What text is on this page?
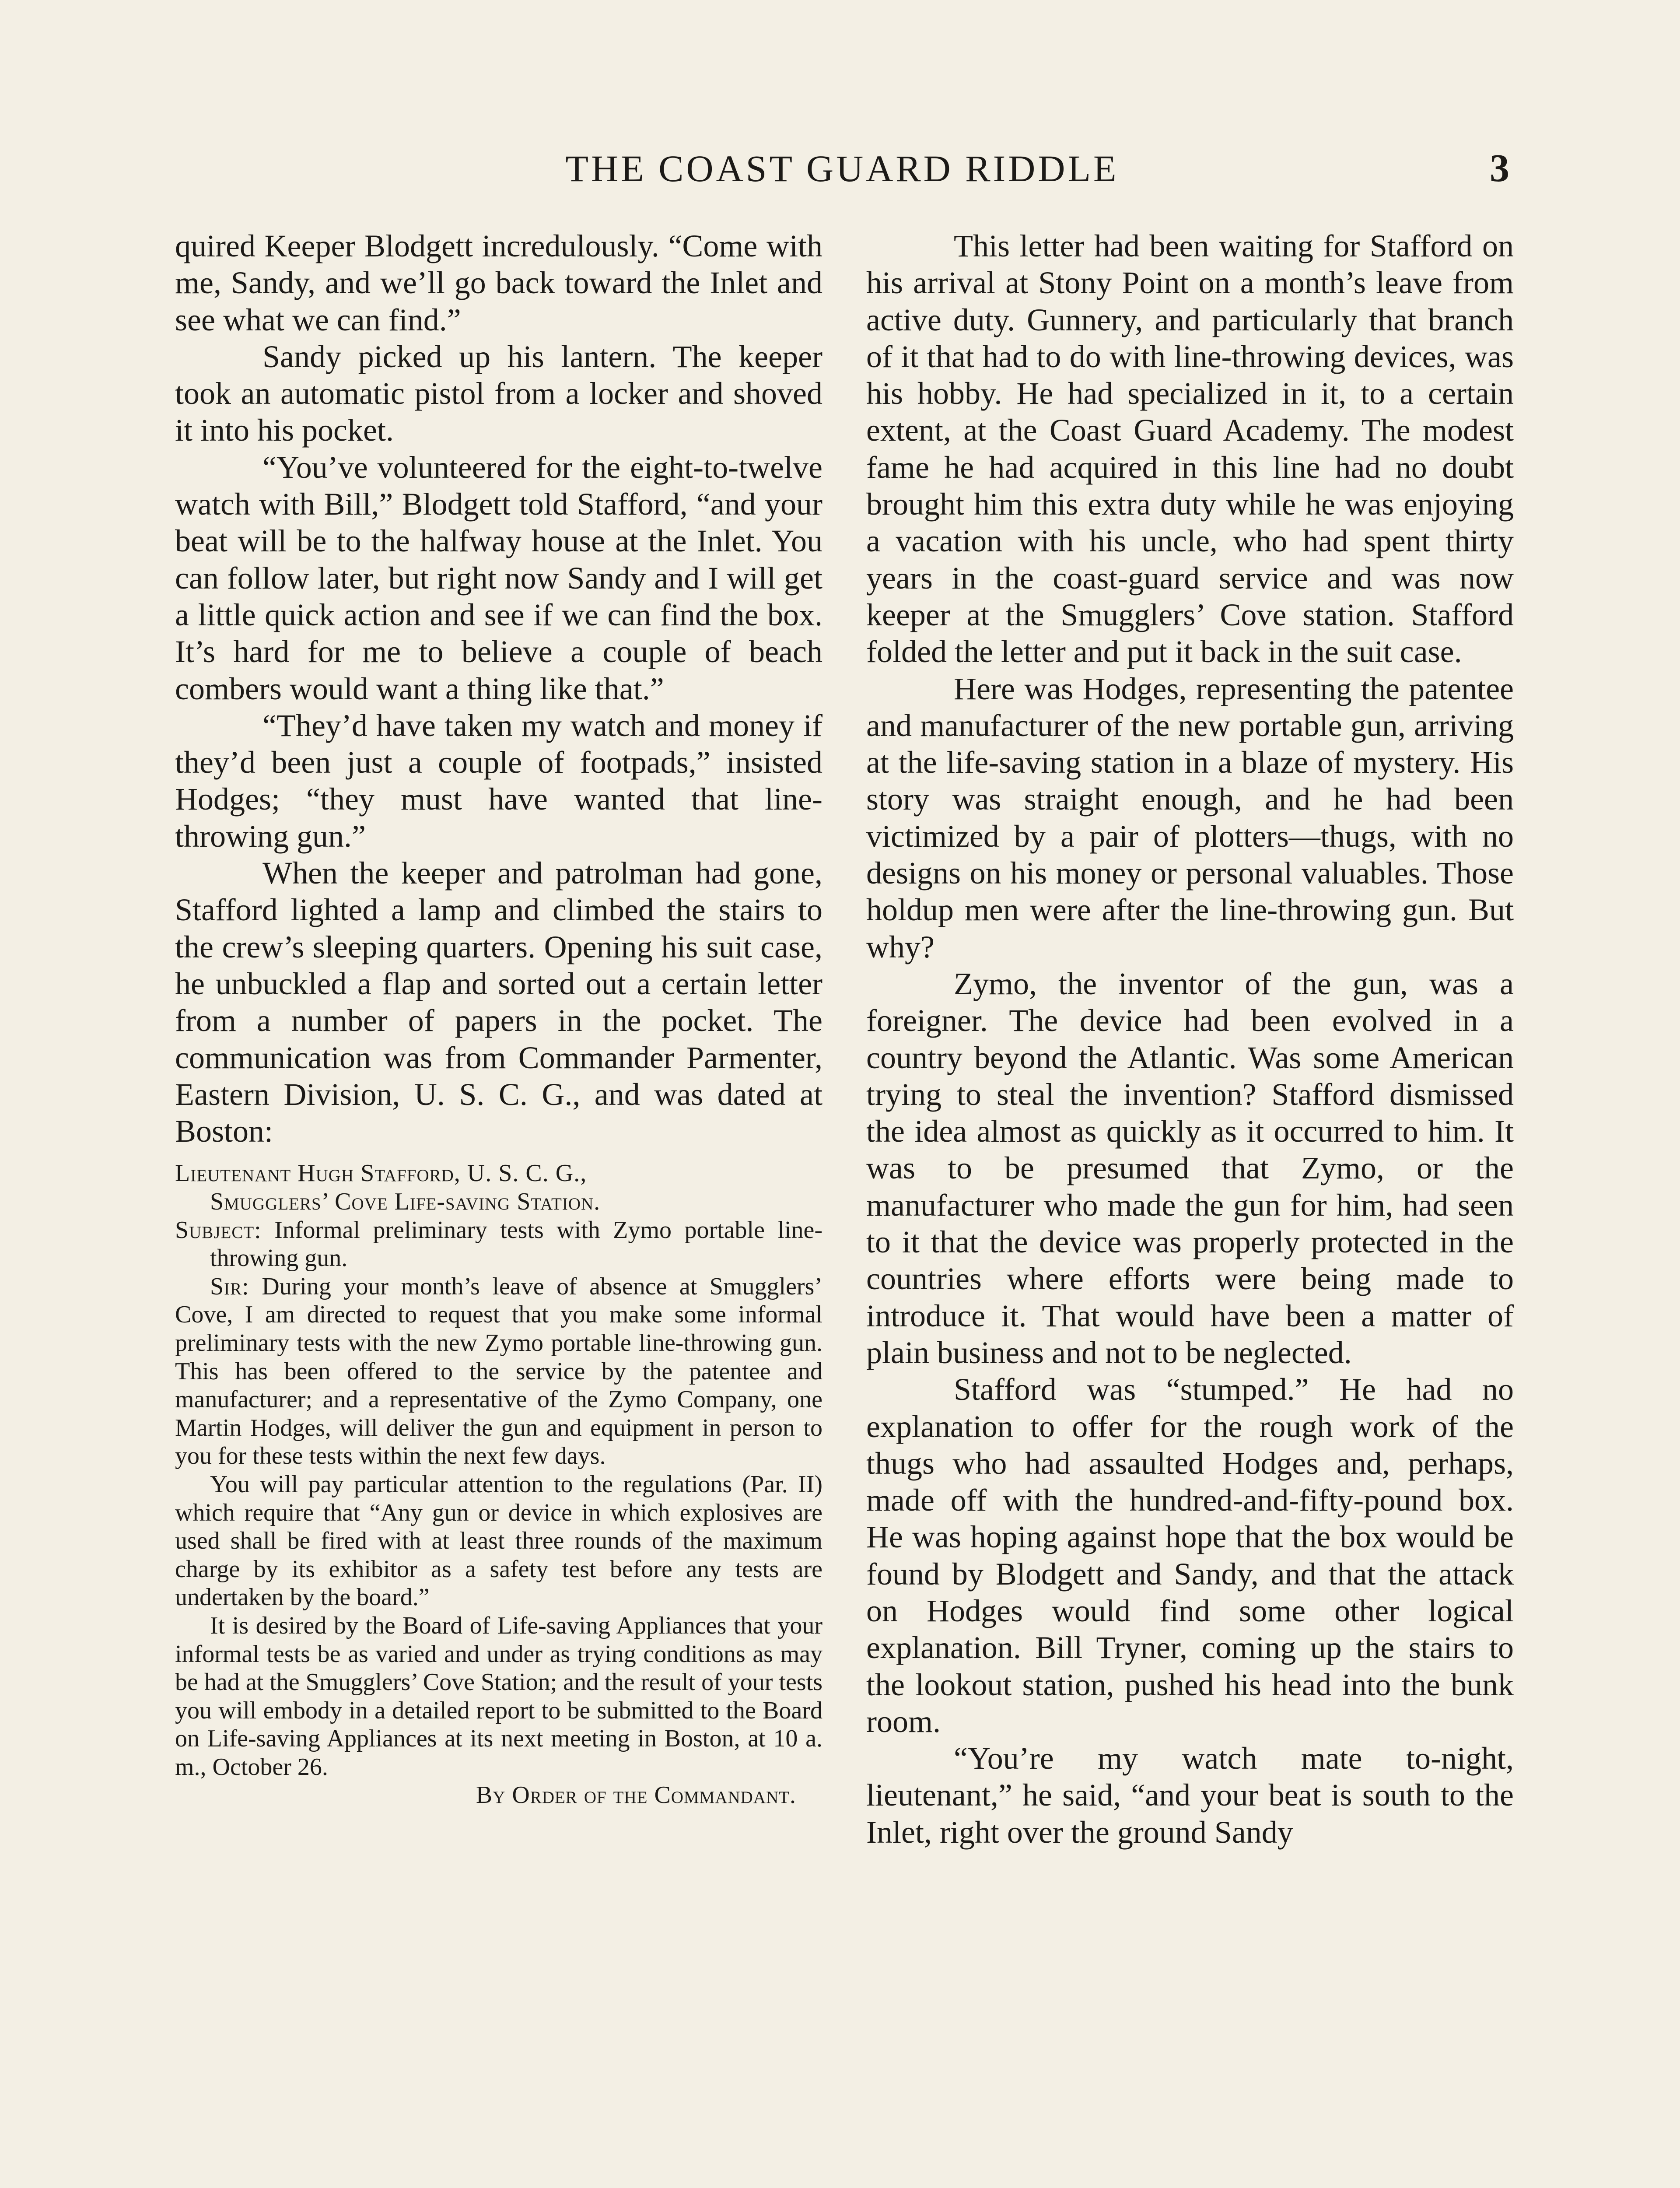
THE COAST GUARD RIDDLE	3

quired Keeper Blodgett incredulously. “Come with me, Sandy, and we’ll go back toward the Inlet and see what we can find.”

Sandy picked up his lantern. The keeper took an automatic pistol from a locker and shoved it into his pocket.

“You’ve volunteered for the eight-to-twelve watch with Bill,” Blodgett told Stafford, “and your beat will be to the halfway house at the Inlet. You can follow later, but right now Sandy and I will get a little quick action and see if we can find the box. It’s hard for me to believe a couple of beach combers would want a thing like that.”

“They’d have taken my watch and money if they’d been just a couple of footpads,” insisted Hodges; “they must have wanted that line-throwing gun.”

When the keeper and patrolman had gone, Stafford lighted a lamp and climbed the stairs to the crew’s sleeping quarters. Opening his suit case, he unbuckled a flap and sorted out a certain letter from a number of papers in the pocket. The communication was from Commander Parmenter, Eastern Division, U. S. C. G., and was dated at Boston:

Lieutenant Hugh Stafford, U. S. C. G.,

Smugglers’ Cove Life-saving Station.

Subject: Informal preliminary tests with Zymo portable line-throwing gun.

Sir: During your month’s leave of absence at Smugglers’ Cove, I am directed to request that you make some informal preliminary tests with the new Zymo portable line-throwing gun. This has been offered to the service by the patentee and manufacturer; and a representative of the Zymo Company, one Martin Hodges, will deliver the gun and equipment in person to you for these tests within the next few days.

You will pay particular attention to the regulations (Par. II) which require that “Any gun or device in which explosives are used shall be fired with at least three rounds of the maximum charge by its exhibitor as a safety test before any tests are undertaken by the board.”

It is desired by the Board of Life-saving Appliances that your informal tests be as varied and under as trying conditions as may be had at the Smugglers’ Cove Station; and the result of your tests you will embody in a detailed report to be submitted to the Board on Life-saving Appliances at its next meeting in Boston, at 10 a. m., October 26.

By Order of the Commandant.

This letter had been waiting for Stafford on his arrival at Stony Point on a month’s leave from active duty. Gunnery, and particularly that branch of it that had to do with line-throwing devices, was his hobby. He had specialized in it, to a certain extent, at the Coast Guard Academy. The modest fame he had acquired in this line had no doubt brought him this extra duty while he was enjoying a vacation with his uncle, who had spent thirty years in the coast-guard service and was now keeper at the Smugglers’ Cove station. Stafford folded the letter and put it back in the suit case.

Here was Hodges, representing the patentee and manufacturer of the new portable gun, arriving at the life-saving station in a blaze of mystery. His story was straight enough, and he had been victimized by a pair of plotters—thugs, with no designs on his money or personal valuables. Those holdup men were after the line-throwing gun. But why?

Zymo, the inventor of the gun, was a foreigner. The device had been evolved in a country beyond the Atlantic. Was some American trying to steal the invention? Stafford dismissed the idea almost as quickly as it occurred to him. It was to be presumed that Zymo, or the manufacturer who made the gun for him, had seen to it that the device was properly protected in the countries where efforts were being made to introduce it. That would have been a matter of plain business and not to be neglected.

Stafford was “stumped.” He had no explanation to offer for the rough work of the thugs who had assaulted Hodges and, perhaps, made off with the hundred-and-fifty-pound box. He was hoping against hope that the box would be found by Blodgett and Sandy, and that the attack on Hodges would find some other logical explanation. Bill Tryner, coming up the stairs to the lookout station, pushed his head into the bunk room.

“You’re my watch mate to-night, lieutenant,” he said, “and your beat is south to the Inlet, right over the ground Sandy
